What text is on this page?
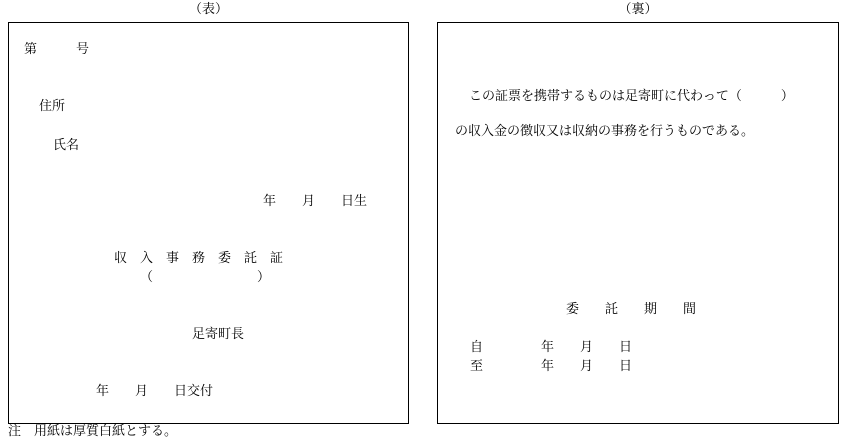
（表）	（裏）
第　　　号
住所
氏名
年　　月　　日生
収　入　事　務　委　託　証
（　　　　　　　　）
足寄町長
年　　月　　日交付
この証票を携帯するものは足寄町に代わって（　　　）
の収入金の徴収又は収納の事務を行うものである。
委　　託　　期　　間
自	年　　月　　日
至	年　　月　　日
注　用紙は厚質白紙とする。
